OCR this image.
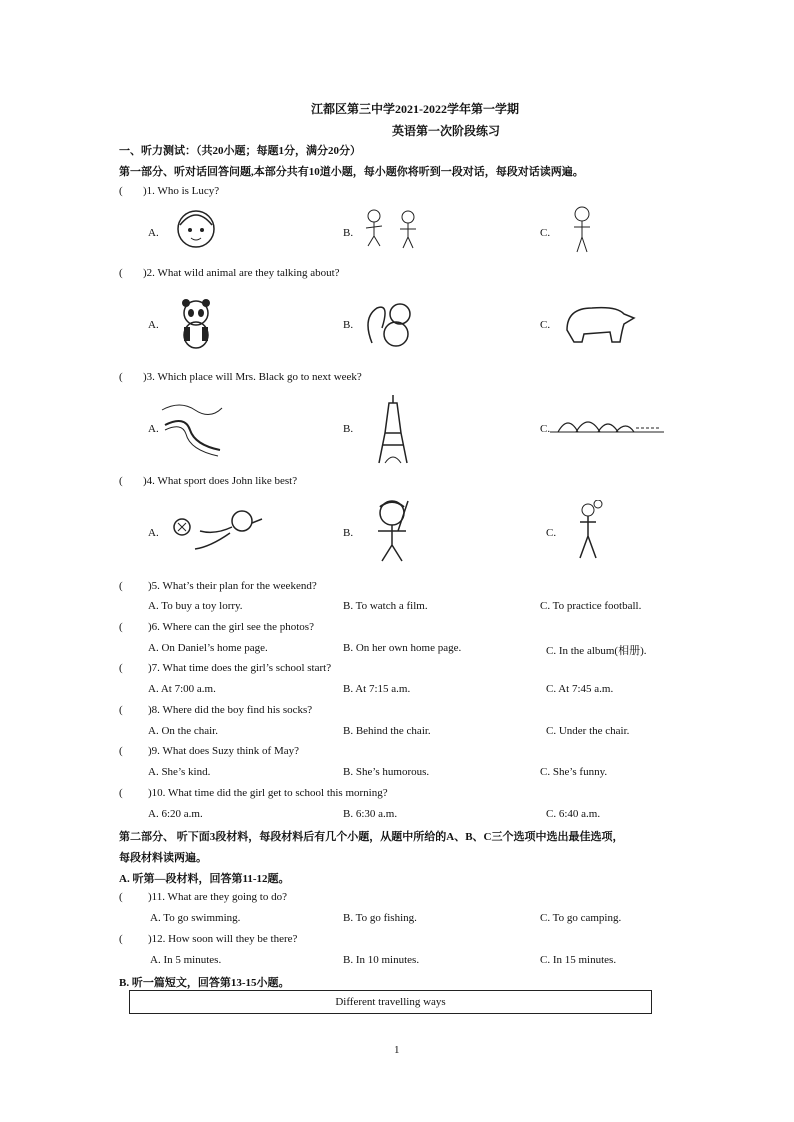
江都区第三中学2021-2022学年第一学期
英语第一次阶段练习
一、听力测试：（共20小题；每题1分，满分20分）
第一部分、听对话回答问题,本部分共有10道小题，每小题你将听到一段对话，每段对话读两遍。
( )1. Who is Lucy?
A.	B.	C.
( )2. What wild animal are they talking about?
A.	B.	C.
( )3. Which place will Mrs. Black go to next week?
A.	B.	C.
( )4. What sport does John like best?
A.	B.	C.
( )5. What’s their plan for the weekend?
A. To buy a toy lorry.	B. To watch a film.	C. To practice football.
( )6. Where can the girl see the photos?
A. On Daniel’s home page.	B. On her own home page.	C. In the album(相册).
( )7. What time does the girl’s school start?
A. At 7:00 a.m.	B. At 7:15 a.m.	C. At 7:45 a.m.
( )8. Where did the boy find his socks?
A. On the chair.	B. Behind the chair.	C. Under the chair.
( )9. What does Suzy think of May?
A. She’s kind.	B. She’s humorous.	C. She’s funny.
( )10. What time did the girl get to school this morning?
A. 6:20 a.m.	B. 6:30 a.m.	C. 6:40 a.m.
第二部分、 听下面3段材料，每段材料后有几个小题，从题中所给的A、B、C三个选项中选出最佳选项，
每段材料读两遍。
A. 听第—段材料，回答第11-12题。
( )11. What are they going to do?
A. To go swimming.	B. To go fishing.	C. To go camping.
( )12. How soon will they be there?
A. In 5 minutes.	B. In 10 minutes.	C. In 15 minutes.
B. 听一篇短文，回答第13-15小题。
Different travelling ways
1
